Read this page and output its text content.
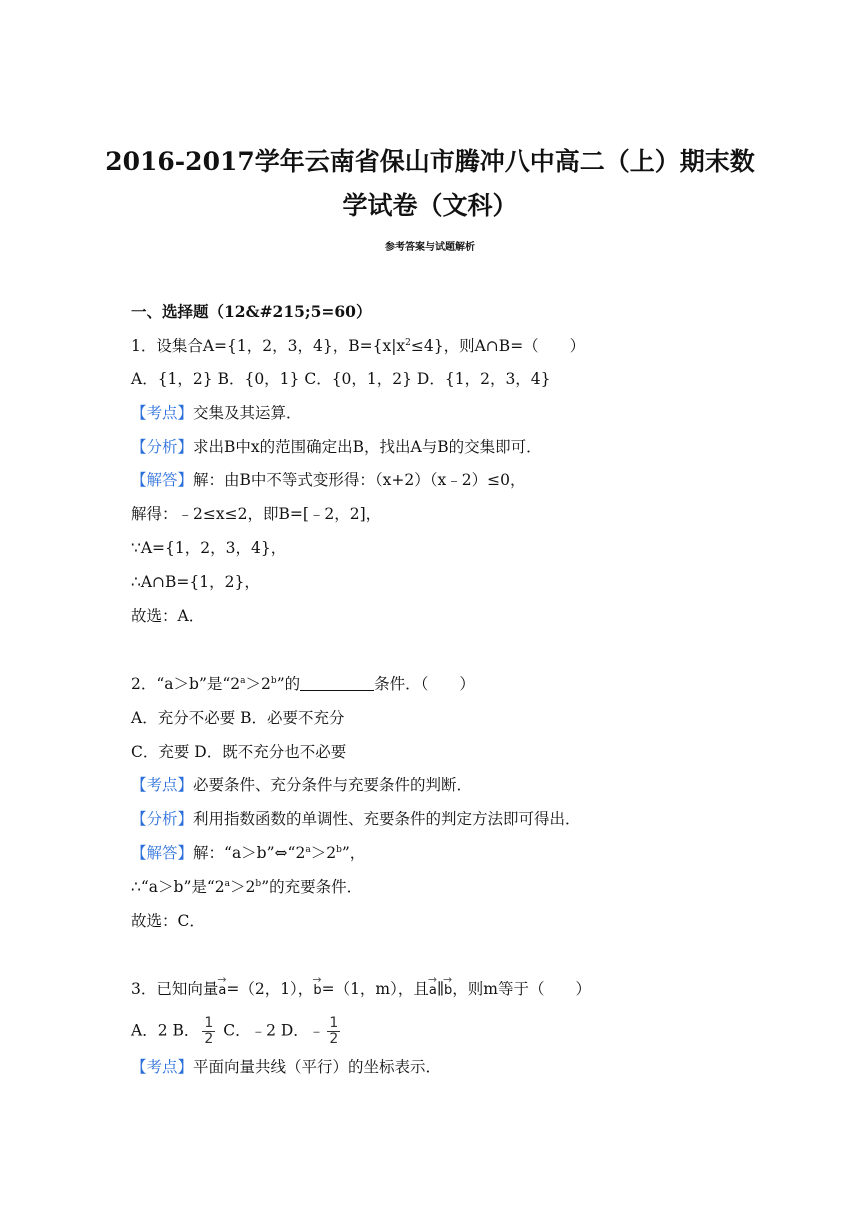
2016-2017学年云南省保山市腾冲八中高二（上）期末数
学试卷（文科）
参考答案与试题解析
一、选择题（12&#215;5=60）
1．设集合A={1，2，3，4}，$B=\{x|x^2\le 4\}$，则A∩B=（　　）
A．{1，2} B．{0，1} C．{0，1，2} D．{1，2，3，4}
【考点】交集及其运算．
【分析】求出B中x的范围确定出B，找出A与B的交集即可．
【解答】解：由B中不等式变形得：（x+2）（x﹣2）≤0，
解得：﹣2≤x≤2，即B=[﹣2，2]，
∵A={1，2，3，4}，
∴A∩B={1，2}，
故选：A．
2．“a＞b”是“$2^a>2^b$”的	条件．（　　）
A．充分不必要 B．必要不充分
C．充要 D．既不充分也不必要
【考点】必要条件、充分条件与充要条件的判断．
【分析】利用指数函数的单调性、充要条件的判定方法即可得出．
【解答】解：“$a>b”\Leftrightarrow“2^a>2^b$”，
∴“a＞b”是“$2^a>2^b$”的充要条件．
故选：C．
3．已知向量
→
a=（2，1），
→
b=（1，m），且
→
a∥
→
b，则m等于（　　）
A．2 B． $\frac{1}{2}$ C．﹣2 D．﹣ $\frac{1}{2}$
【考点】平面向量共线（平行）的坐标表示．
